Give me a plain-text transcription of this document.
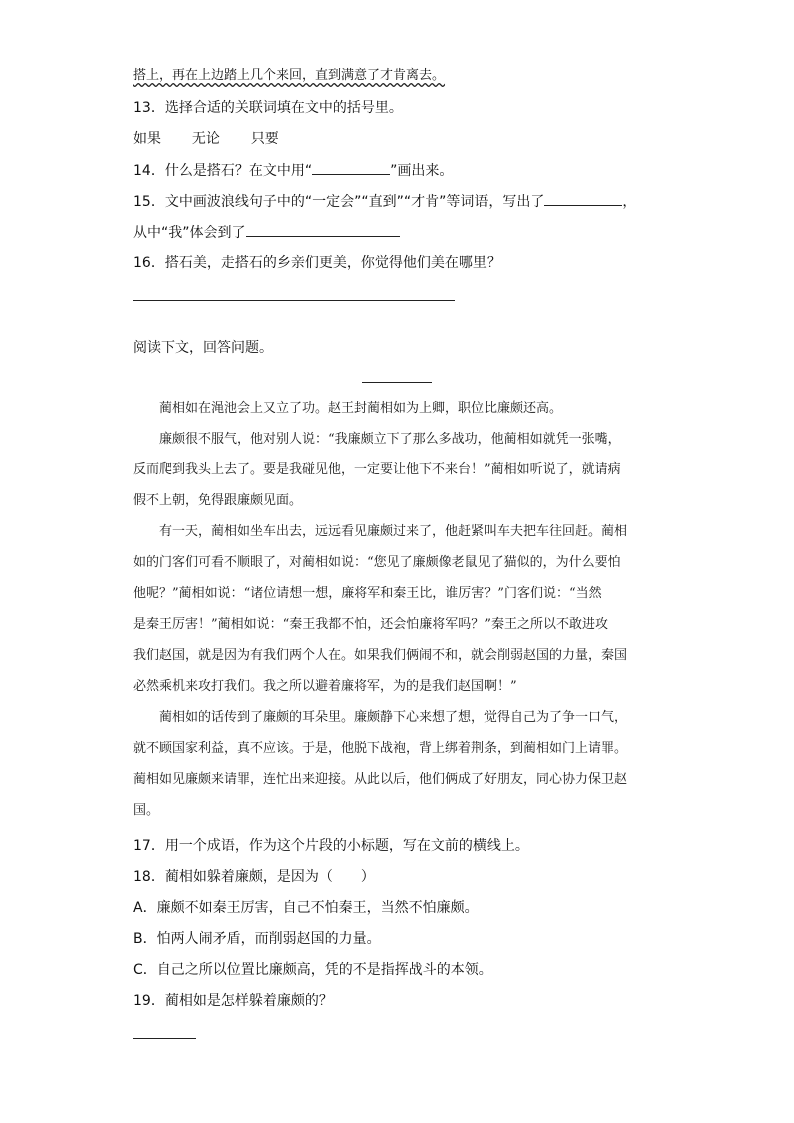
搭上，再在上边踏上几个来回，直到满意了才肯离去。
13．选择合适的关联词填在文中的括号里。
如果 无论 只要
14．什么是搭石？在文中用“	”画出来。
15．文中画波浪线句子中的“一定会”“直到”“才肯”等词语，写出了	，
从中“我”体会到了
16．搭石美，走搭石的乡亲们更美，你觉得他们美在哪里？
阅读下文，回答问题。
蔺相如在渑池会上又立了功。赵王封蔺相如为上卿，职位比廉颇还高。
廉颇很不服气，他对别人说：“我廉颇立下了那么多战功，他蔺相如就凭一张嘴，
反而爬到我头上去了。要是我碰见他，一定要让他下不来台！”蔺相如听说了，就请病
假不上朝，免得跟廉颇见面。
有一天，蔺相如坐车出去，远远看见廉颇过来了，他赶紧叫车夫把车往回赶。蔺相
如的门客们可看不顺眼了，对蔺相如说：“您见了廉颇像老鼠见了猫似的，为什么要怕
他呢？”蔺相如说：“诸位请想一想，廉将军和秦王比，谁厉害？”门客们说：“当然
是秦王厉害！”蔺相如说：“秦王我都不怕，还会怕廉将军吗？”秦王之所以不敢进攻
我们赵国，就是因为有我们两个人在。如果我们俩闹不和，就会削弱赵国的力量，秦国
必然乘机来攻打我们。我之所以避着廉将军，为的是我们赵国啊！”
蔺相如的话传到了廉颇的耳朵里。廉颇静下心来想了想，觉得自己为了争一口气，
就不顾国家利益，真不应该。于是，他脱下战袍，背上绑着荆条，到蔺相如门上请罪。
蔺相如见廉颇来请罪，连忙出来迎接。从此以后，他们俩成了好朋友，同心协力保卫赵
国。
17．用一个成语，作为这个片段的小标题，写在文前的横线上。
18．蔺相如躲着廉颇，是因为（　　）
A．廉颇不如秦王厉害，自己不怕秦王，当然不怕廉颇。
B．怕两人闹矛盾，而削弱赵国的力量。
C．自己之所以位置比廉颇高，凭的不是指挥战斗的本领。
19．蔺相如是怎样躲着廉颇的？
